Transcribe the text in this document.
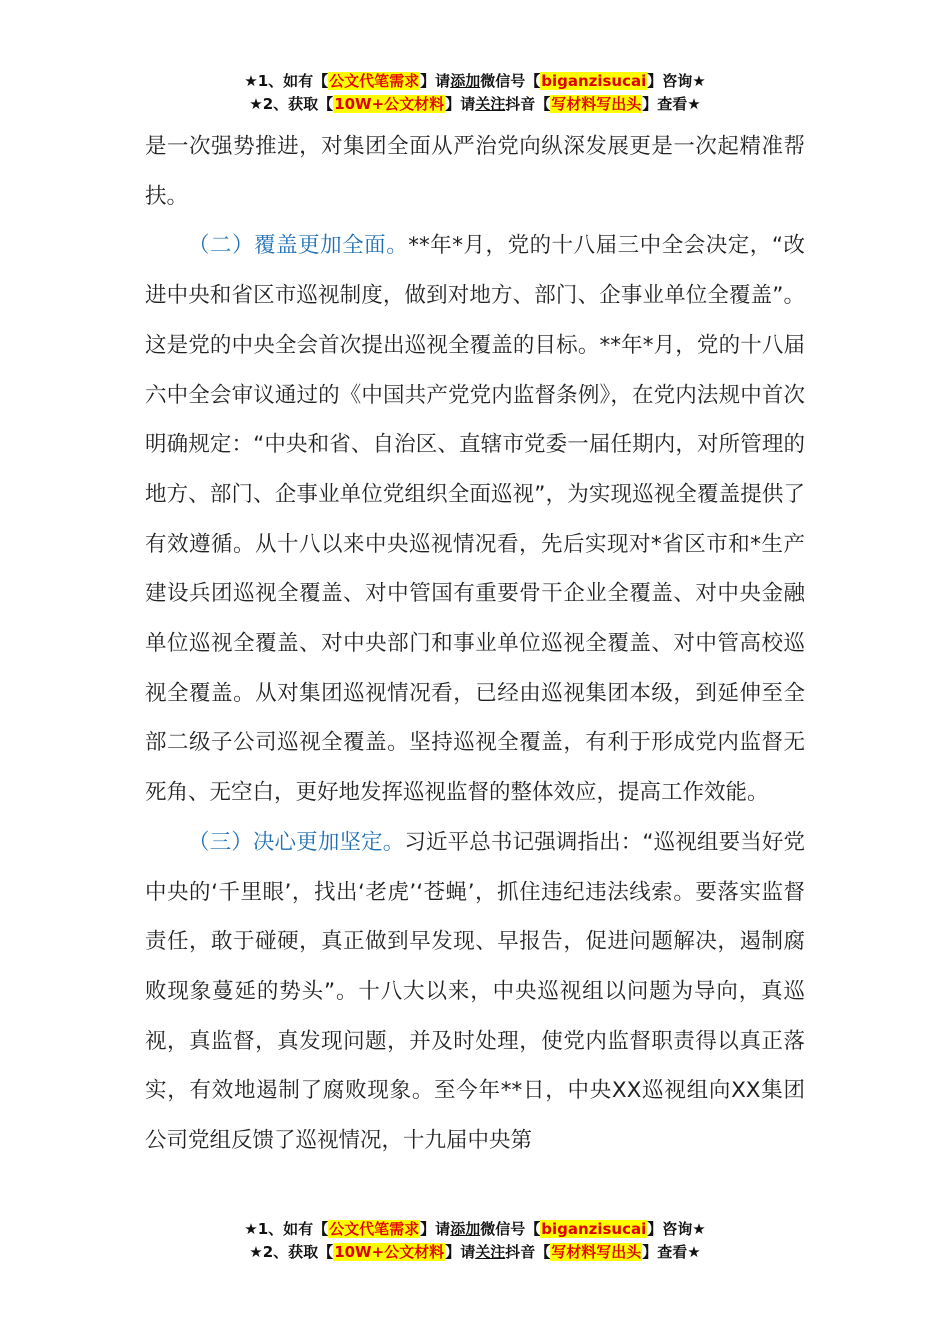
★1、如有【公文代笔需求】请添加微信号【biganzisucai】咨询★
★2、获取【10W+公文材料】请关注抖音【写材料写出头】查看★

是一次强势推进，对集团全面从严治党向纵深发展更是一次起精准帮扶。

（二）覆盖更加全面。**年*月，党的十八届三中全会决定，“改进中央和省区市巡视制度，做到对地方、部门、企事业单位全覆盖”。这是党的中央全会首次提出巡视全覆盖的目标。**年*月，党的十八届六中全会审议通过的《中国共产党党内监督条例》，在党内法规中首次明确规定：“中央和省、自治区、直辖市党委一届任期内，对所管理的地方、部门、企事业单位党组织全面巡视”，为实现巡视全覆盖提供了有效遵循。从十八以来中央巡视情况看，先后实现对*省区市和*生产建设兵团巡视全覆盖、对中管国有重要骨干企业全覆盖、对中央金融单位巡视全覆盖、对中央部门和事业单位巡视全覆盖、对中管高校巡视全覆盖。从对集团巡视情况看，已经由巡视集团本级，到延伸至全部二级子公司巡视全覆盖。坚持巡视全覆盖，有利于形成党内监督无死角、无空白，更好地发挥巡视监督的整体效应，提高工作效能。

（三）决心更加坚定。习近平总书记强调指出：“巡视组要当好党中央的‘千里眼’，找出‘老虎’‘苍蝇’，抓住违纪违法线索。要落实监督责任，敢于碰硬，真正做到早发现、早报告，促进问题解决，遏制腐败现象蔓延的势头”。十八大以来，中央巡视组以问题为导向，真巡视，真监督，真发现问题，并及时处理，使党内监督职责得以真正落实，有效地遏制了腐败现象。至今年**日，中央XX巡视组向XX集团公司党组反馈了巡视情况，十九届中央第

★1、如有【公文代笔需求】请添加微信号【biganzisucai】咨询★
★2、获取【10W+公文材料】请关注抖音【写材料写出头】查看★
